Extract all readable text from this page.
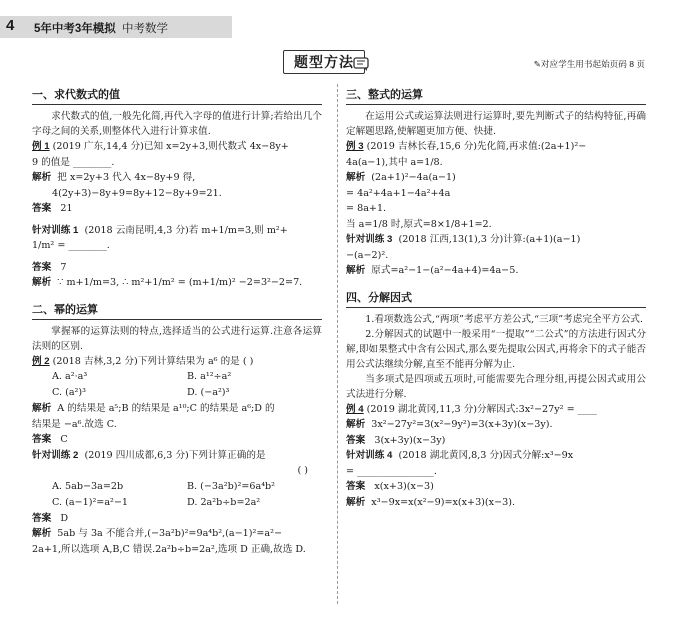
4 5年中考3年模拟 中考数学
题型方法	✎对应学生用书起始页码 8 页
一、求代数式的值

求代数式的值,一般先化简,再代入字母的值进行计算;若给出几个字母之间的关系,则整体代入进行计算求值.

例 1 (2019 广东,14,4 分)已知 x=2y+3,则代数式 4x−8y+
9 的值是 ________.
解析 把 x=2y+3 代入 4x−8y+9 得,
4(2y+3)−8y+9=8y+12−8y+9=21.
答案 21
针对训练 1 (2018 云南昆明,4,3 分)若 m+1/m=3,则 m²+
1/m² = ________.
答案 7
解析 ∵ m+1/m=3, ∴ m²+1/m² = (m+1/m)² −2=3²−2=7.
二、幂的运算

掌握幂的运算法则的特点,选择适当的公式进行运算.注意各运算法则的区别.

例 2 (2018 吉林,3,2 分)下列计算结果为 a⁶ 的是 ( )
A. a²·a³	B. a¹²÷a²
C. (a²)³	D. (−a²)³
解析 A 的结果是 a⁵;B 的结果是 a¹⁰;C 的结果是 a⁶;D 的
结果是 −a⁶.故选 C.
答案 C
针对训练 2 (2019 四川成都,6,3 分)下列计算正确的是
( )
A. 5ab−3a=2b	B. (−3a²b)²=6a⁴b²
C. (a−1)²=a²−1	D. 2a²b÷b=2a²
答案 D
解析 5ab 与 3a 不能合并,(−3a²b)²=9a⁴b²,(a−1)²=a²−
2a+1,所以选项 A,B,C 错误.2a²b÷b=2a²,选项 D 正确,故选 D.
三、整式的运算

在运用公式或运算法则进行运算时,要先判断式子的结构特征,再确定解题思路,使解题更加方便、快捷.

例 3 (2019 吉林长春,15,6 分)先化简,再求值:(2a+1)²−
4a(a−1),其中 a=1/8.
解析 (2a+1)²−4a(a−1)
= 4a²+4a+1−4a²+4a
= 8a+1.
当 a=1/8 时,原式=8×1/8+1=2.
针对训练 3 (2018 江西,13(1),3 分)计算:(a+1)(a−1)
−(a−2)².
解析 原式=a²−1−(a²−4a+4)=4a−5.
四、分解因式

1.看项数选公式,“两项”考虑平方差公式,“三项”考虑完全平方公式.

2.分解因式的试题中一般采用“一提取”“二公式”的方法进行因式分解,即如果整式中含有公因式,那么要先提取公因式,再将余下的式子能否用公式法继续分解,直至不能再分解为止.

当多项式是四项或五项时,可能需要先合理分组,再提公因式或用公式法进行分解.

例 4 (2019 湖北黄冈,11,3 分)分解因式:3x²−27y² = ____
解析 3x²−27y²=3(x²−9y²)=3(x+3y)(x−3y).
答案 3(x+3y)(x−3y)
针对训练 4 (2018 湖北黄冈,8,3 分)因式分解:x³−9x
= ________________.
答案 x(x+3)(x−3)
解析 x³−9x=x(x²−9)=x(x+3)(x−3).
